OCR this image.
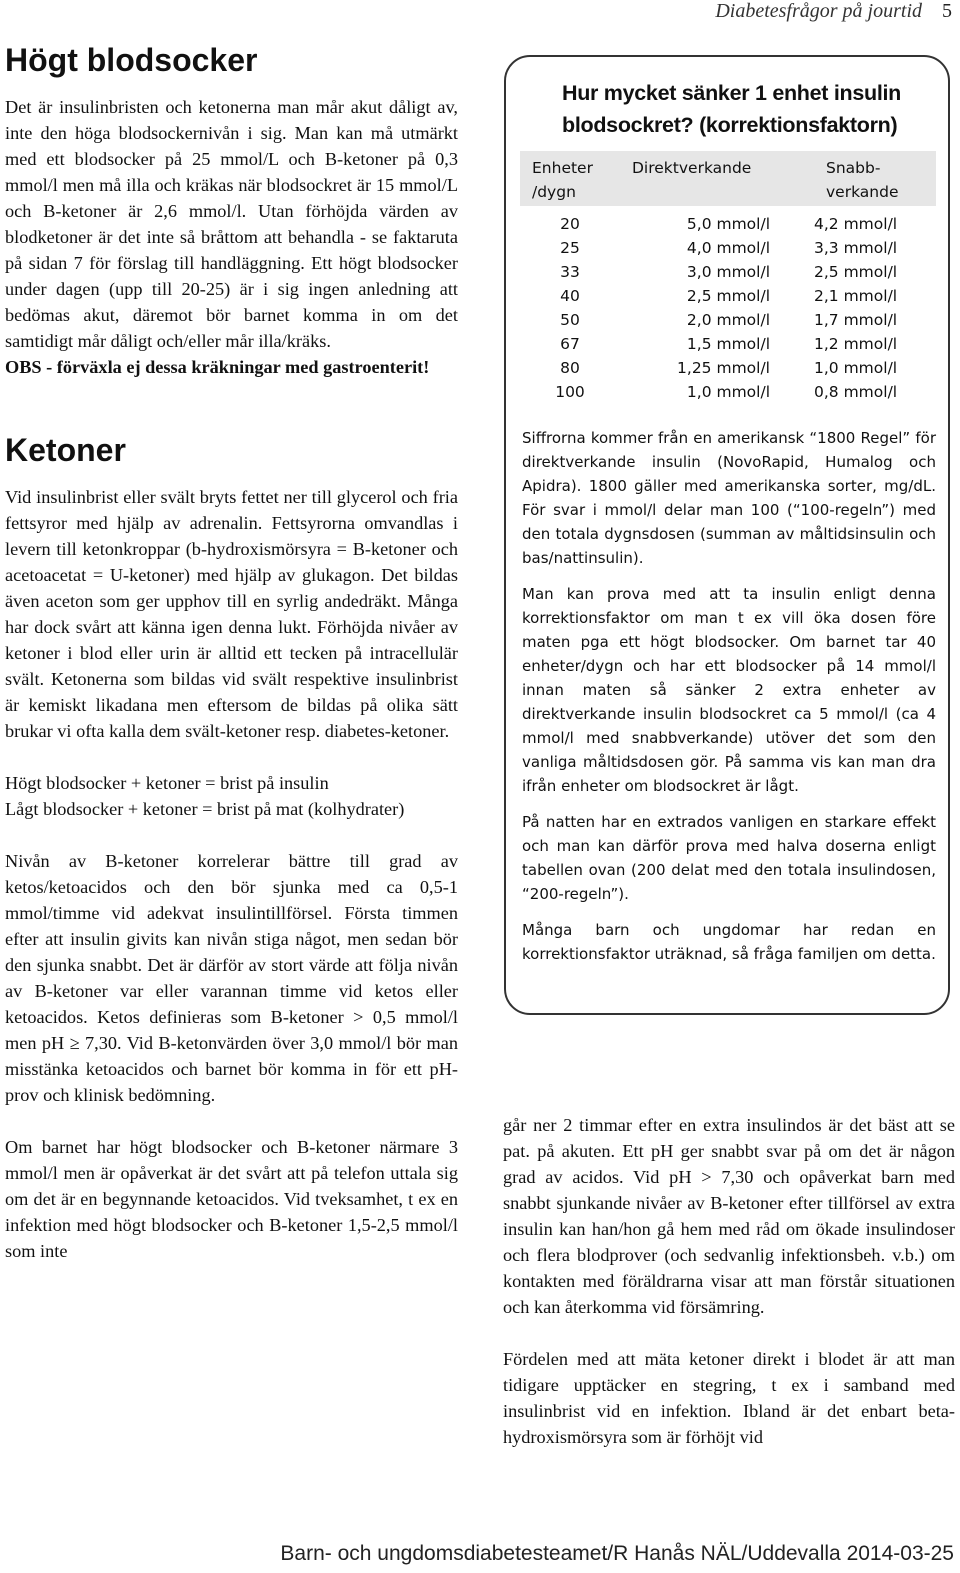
Diabetesfrågor på jourtid 5
Högt blodsocker

Det är insulinbristen och ketonerna man mår akut dåligt av, inte den höga blodsockernivån i sig. Man kan må utmärkt med ett blodsocker på 25 mmol/L och B-ketoner på 0,3 mmol/l men må illa och kräkas när blodsockret är 15 mmol/L och B-ketoner är 2,6 mmol/l. Utan förhöjda värden av blodketoner är det inte så bråttom att behandla - se faktaruta på sidan 7 för förslag till handläggning. Ett högt blodsocker under dagen (upp till 20-25) är i sig ingen anledning att bedömas akut, däremot bör barnet komma in om det samtidigt mår dåligt och/eller mår illa/kräks.

OBS - förväxla ej dessa kräkningar med gastroenterit!

Ketoner

Vid insulinbrist eller svält bryts fettet ner till glycerol och fria fettsyror med hjälp av adrenalin. Fettsyrorna omvandlas i levern till ketonkroppar (b-hydroxismörsyra = B-ketoner och acetoacetat = U-ketoner) med hjälp av glukagon. Det bildas även aceton som ger upphov till en syrlig andedräkt. Många har dock svårt att känna igen denna lukt. Förhöjda nivåer av ketoner i blod eller urin är alltid ett tecken på intracellulär svält. Ketonerna som bildas vid svält respektive insulinbrist är kemiskt likadana men eftersom de bildas på olika sätt brukar vi ofta kalla dem svält-ketoner resp. diabetes-ketoner.

Högt blodsocker + ketoner = brist på insulin

Lågt blodsocker + ketoner = brist på mat (kolhydrater)

Nivån av B-ketoner korrelerar bättre till grad av ketos/ketoacidos och den bör sjunka med ca 0,5-1 mmol/timme vid adekvat insulintillförsel. Första timmen efter att insulin givits kan nivån stiga något, men sedan bör den sjunka snabbt. Det är därför av stort värde att följa nivån av B-ketoner var eller varannan timme vid ketos eller ketoacidos. Ketos definieras som B-ketoner > 0,5 mmol/l men pH ≥ 7,30. Vid B-ketonvärden över 3,0 mmol/l bör man misstänka ketoacidos och barnet bör komma in för ett pH-prov och klinisk bedömning.

Om barnet har högt blodsocker och B-ketoner närmare 3 mmol/l men är opåverkat är det svårt att på telefon uttala sig om det är en begynnande ketoacidos. Vid tveksamhet, t ex en infektion med högt blodsocker och B-ketoner 1,5-2,5 mmol/l som inte

Hur mycket sänker 1 enhet insulin blodsockret? (korrektionsfaktorn)
Enheter /dygn	Direktverkande	Snabb-verkande
20	5,0 mmol/l	4,2 mmol/l
25	4,0 mmol/l	3,3 mmol/l
33	3,0 mmol/l	2,5 mmol/l
40	2,5 mmol/l	2,1 mmol/l
50	2,0 mmol/l	1,7 mmol/l
67	1,5 mmol/l	1,2 mmol/l
80	1,25 mmol/l	1,0 mmol/l
100	1,0 mmol/l	0,8 mmol/l

Siffrorna kommer från en amerikansk “1800 Regel” för direktverkande insulin (NovoRapid, Humalog och Apidra). 1800 gäller med amerikanska sorter, mg/dL. För svar i mmol/l delar man 100 (“100-regeln”) med den totala dygnsdosen (summan av måltidsinsulin och bas/nattinsulin).

Man kan prova med att ta insulin enligt denna korrektionsfaktor om man t ex vill öka dosen före maten pga ett högt blodsocker. Om barnet tar 40 enheter/dygn och har ett blodsocker på 14 mmol/l innan maten så sänker 2 extra enheter av direktverkande insulin blodsockret ca 5 mmol/l (ca 4 mmol/l med snabbverkande) utöver det som den vanliga måltidsdosen gör. På samma vis kan man dra ifrån enheter om blodsockret är lågt.

På natten har en extrados vanligen en starkare effekt och man kan därför prova med halva doserna enligt tabellen ovan (200 delat med den totala insulindosen, “200-regeln”).

Många barn och ungdomar har redan en korrektionsfaktor uträknad, så fråga familjen om detta.

går ner 2 timmar efter en extra insulindos är det bäst att se pat. på akuten. Ett pH ger snabbt svar på om det är någon grad av acidos. Vid pH > 7,30 och opåverkat barn med snabbt sjunkande nivåer av B-ketoner efter tillförsel av extra insulin kan han/hon gå hem med råd om ökade insulindoser och flera blodprover (och sedvanlig infektionsbeh. v.b.) om kontakten med föräldrarna visar att man förstår situationen och kan återkomma vid försämring.

Fördelen med att mäta ketoner direkt i blodet är att man tidigare upptäcker en stegring, t ex i samband med insulinbrist vid en infektion. Ibland är det enbart beta-hydroxismörsyra som är förhöjt vid

Barn- och ungdomsdiabetesteamet/R Hanås NÄL/Uddevalla 2014-03-25
